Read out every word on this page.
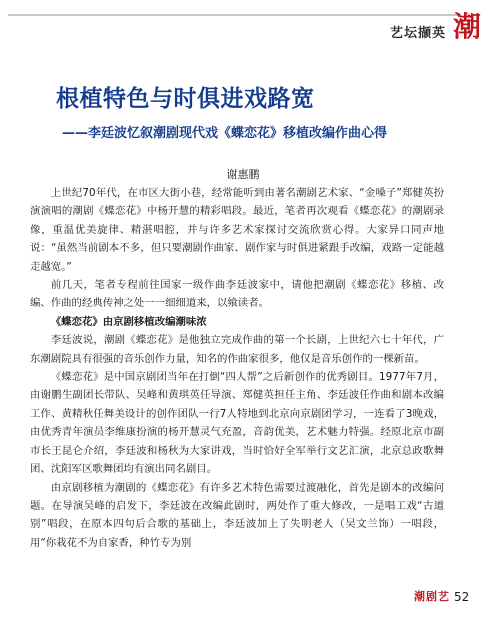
艺坛撷英 潮
根植特色与时俱进戏路宽
——李廷波忆叙潮剧现代戏《蝶恋花》移植改编作曲心得
谢惠鹏

上世纪70年代，在市区大街小巷，经常能听到由著名潮剧艺术家、“金嗓子”郑健英扮演演唱的潮剧《蝶恋花》中杨开慧的精彩唱段。最近，笔者再次观看《蝶恋花》的潮剧录像，重温优美旋律、精湛唱腔，并与许多艺术家探讨交流欣赏心得。大家异口同声地说：“虽然当前剧本不多，但只要潮剧作曲家、剧作家与时俱进紧跟手改编，戏路一定能越走越宽。”

前几天，笔者专程前往国家一级作曲李廷波家中，请他把潮剧《蝶恋花》移植、改编、作曲的经典传神之处一一细细道来，以飨读者。

《蝶恋花》由京剧移植改编潮味浓

李廷波说，潮剧《蝶恋花》是他独立完成作曲的第一个长剧，上世纪六七十年代，广东潮剧院具有很强的音乐创作力量，知名的作曲家很多，他仅是音乐创作的一棵新苗。

《蝶恋花》是中国京剧团当年在打倒“四人帮”之后新创作的优秀剧目。1977年7月，由谢鹏生副团长带队、吴峰和黄琪英任导演、郑健英担任主角、李廷波任作曲和剧本改编工作、黄精秋任舞美设计的创作团队一行7人特地到北京向京剧团学习，一连看了3晚戏，由优秀青年演员李维康扮演的杨开慧灵气充盈，音韵优美，艺术魅力特强。经原北京市副市长王昆仑介绍，李廷波和杨秋为大家讲戏，当时恰好全军举行文艺汇演，北京总政歌舞团、沈阳军区歌舞团均有演出同名剧目。

由京剧移植为潮剧的《蝶恋花》有许多艺术特色需要过渡融化，首先是剧本的改编问题。在导演吴峰的启发下，李廷波在改编此剧时，两处作了重大修改，一是唱工戏“古道别”唱段，在原本四句后合歌的基础上，李廷波加上了失明老人（吴文兰饰）一唱段，用“你栽花不为自家香，种竹专为别

潮剧艺 52
